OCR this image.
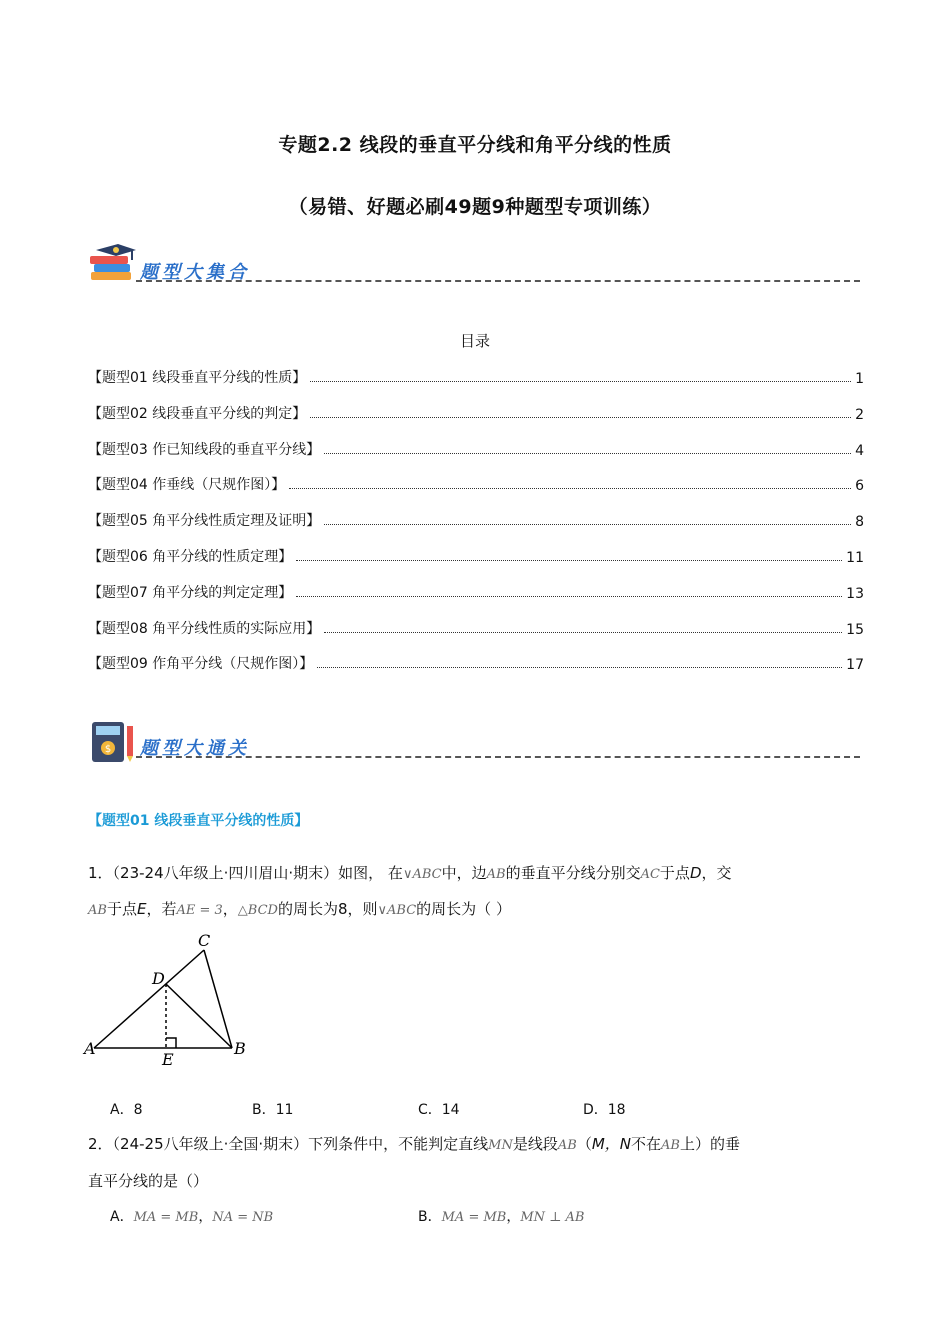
专题2.2 线段的垂直平分线和角平分线的性质
（易错、好题必刷49题9种题型专项训练）
题型大集合
目录
【题型01 线段垂直平分线的性质】	1
【题型02 线段垂直平分线的判定】	2
【题型03 作已知线段的垂直平分线】	4
【题型04 作垂线（尺规作图）】	6
【题型05 角平分线性质定理及证明】	8
【题型06 角平分线的性质定理】	11
【题型07 角平分线的判定定理】	13
【题型08 角平分线性质的实际应用】	15
【题型09 作角平分线（尺规作图）】	17
$ 题型大通关
【题型01 线段垂直平分线的性质】
1．（23-24八年级上·四川眉山·期末）如图， 在∨ABC中，边AB的垂直平分线分别交AC于点D，交
AB于点E，若AE = 3，△BCD的周长为8，则∨ABC的周长为（ ）
C
D
A
E
B
A．8	B．11	C．14	D．18
2．（24-25八年级上·全国·期末）下列条件中，不能判定直线MN是线段AB（M，N不在AB上）的垂
直平分线的是（）
A．MA = MB，NA = NB	B．MA = MB，MN ⊥ AB
